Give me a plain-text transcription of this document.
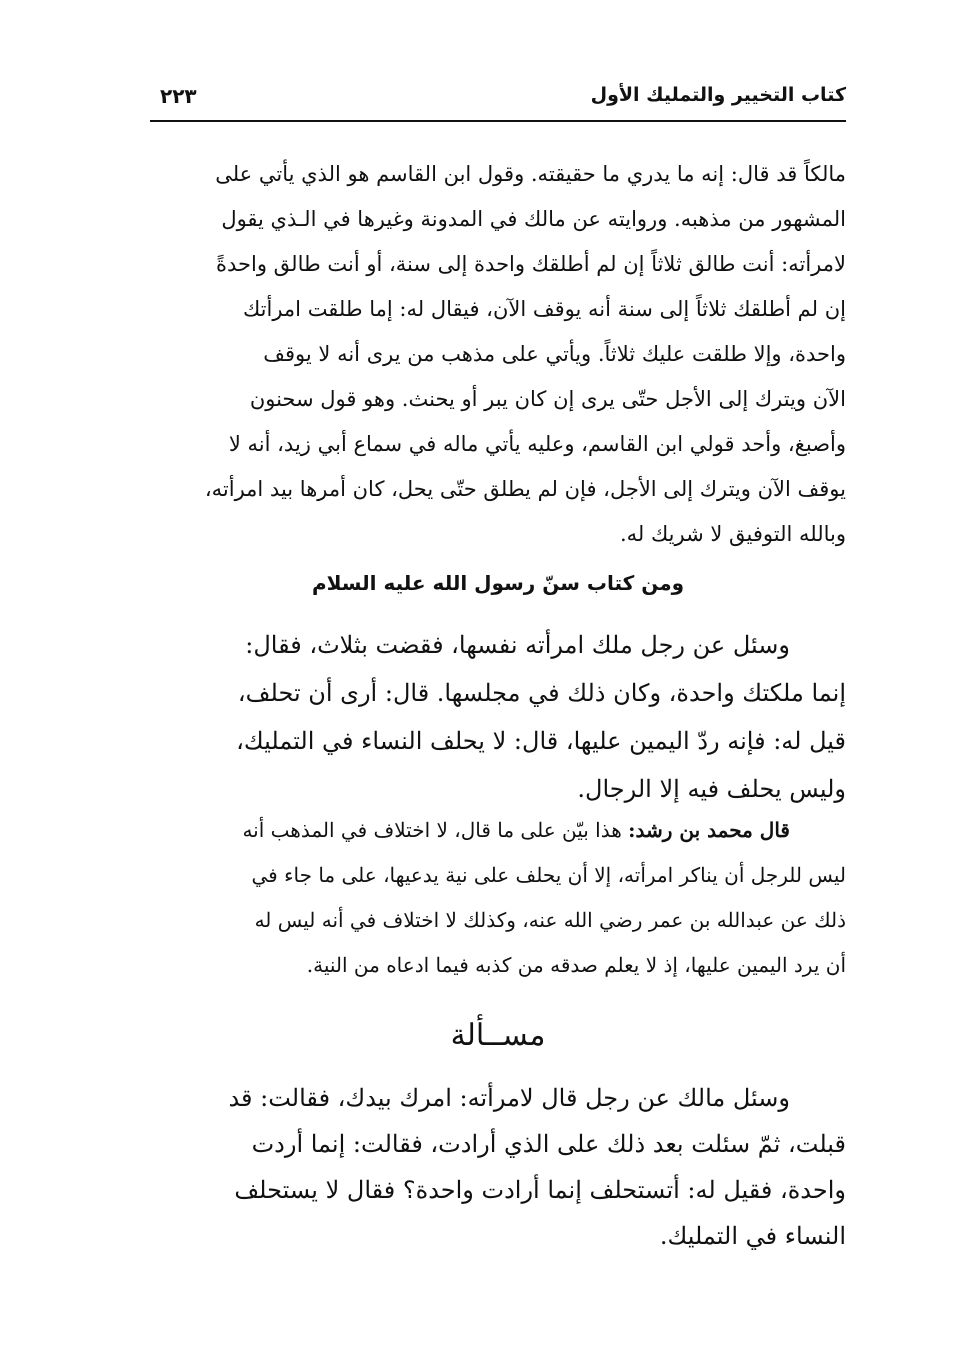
كتاب التخيير والتمليك الأول
٢٢٣
مالكاً قد قال: إنه ما يدري ما حقيقته. وقول ابن القاسم هو الذي يأتي على
المشهور من مذهبه. وروايته عن مالك في المدونة وغيرها في الـذي يقول
لامرأته: أنت طالق ثلاثاً إن لم أطلقك واحدة إلى سنة، أو أنت طالق واحدةً
إن لم أطلقك ثلاثاً إلى سنة أنه يوقف الآن، فيقال له: إما طلقت امرأتك
واحدة، وإلا طلقت عليك ثلاثاً. ويأتي على مذهب من يرى أنه لا يوقف
الآن ويترك إلى الأجل حتّى يرى إن كان يبر أو يحنث. وهو قول سحنون
وأصبغ، وأحد قولي ابن القاسم، وعليه يأتي ماله في سماع أبي زيد، أنه لا
يوقف الآن ويترك إلى الأجل، فإن لم يطلق حتّى يحل، كان أمرها بيد امرأته،
وبالله التوفيق لا شريك له.
ومن كتاب سنّ رسول الله عليه السلام
وسئل عن رجل ملك امرأته نفسها، فقضت بثلاث، فقال:
إنما ملكتك واحدة، وكان ذلك في مجلسها. قال: أرى أن تحلف،
قيل له: فإنه ردّ اليمين عليها، قال: لا يحلف النساء في التمليك،
وليس يحلف فيه إلا الرجال.
قال محمد بن رشد: هذا بيّن على ما قال، لا اختلاف في المذهب أنه
ليس للرجل أن يناكر امرأته، إلا أن يحلف على نية يدعيها، على ما جاء في
ذلك عن عبدالله بن عمر رضي الله عنه، وكذلك لا اختلاف في أنه ليس له
أن يرد اليمين عليها، إذ لا يعلم صدقه من كذبه فيما ادعاه من النية.
مســألة
وسئل مالك عن رجل قال لامرأته: امرك بيدك، فقالت: قد
قبلت، ثمّ سئلت بعد ذلك على الذي أرادت، فقالت: إنما أردت
واحدة، فقيل له: أتستحلف إنما أرادت واحدة؟ فقال لا يستحلف
النساء في التمليك.
